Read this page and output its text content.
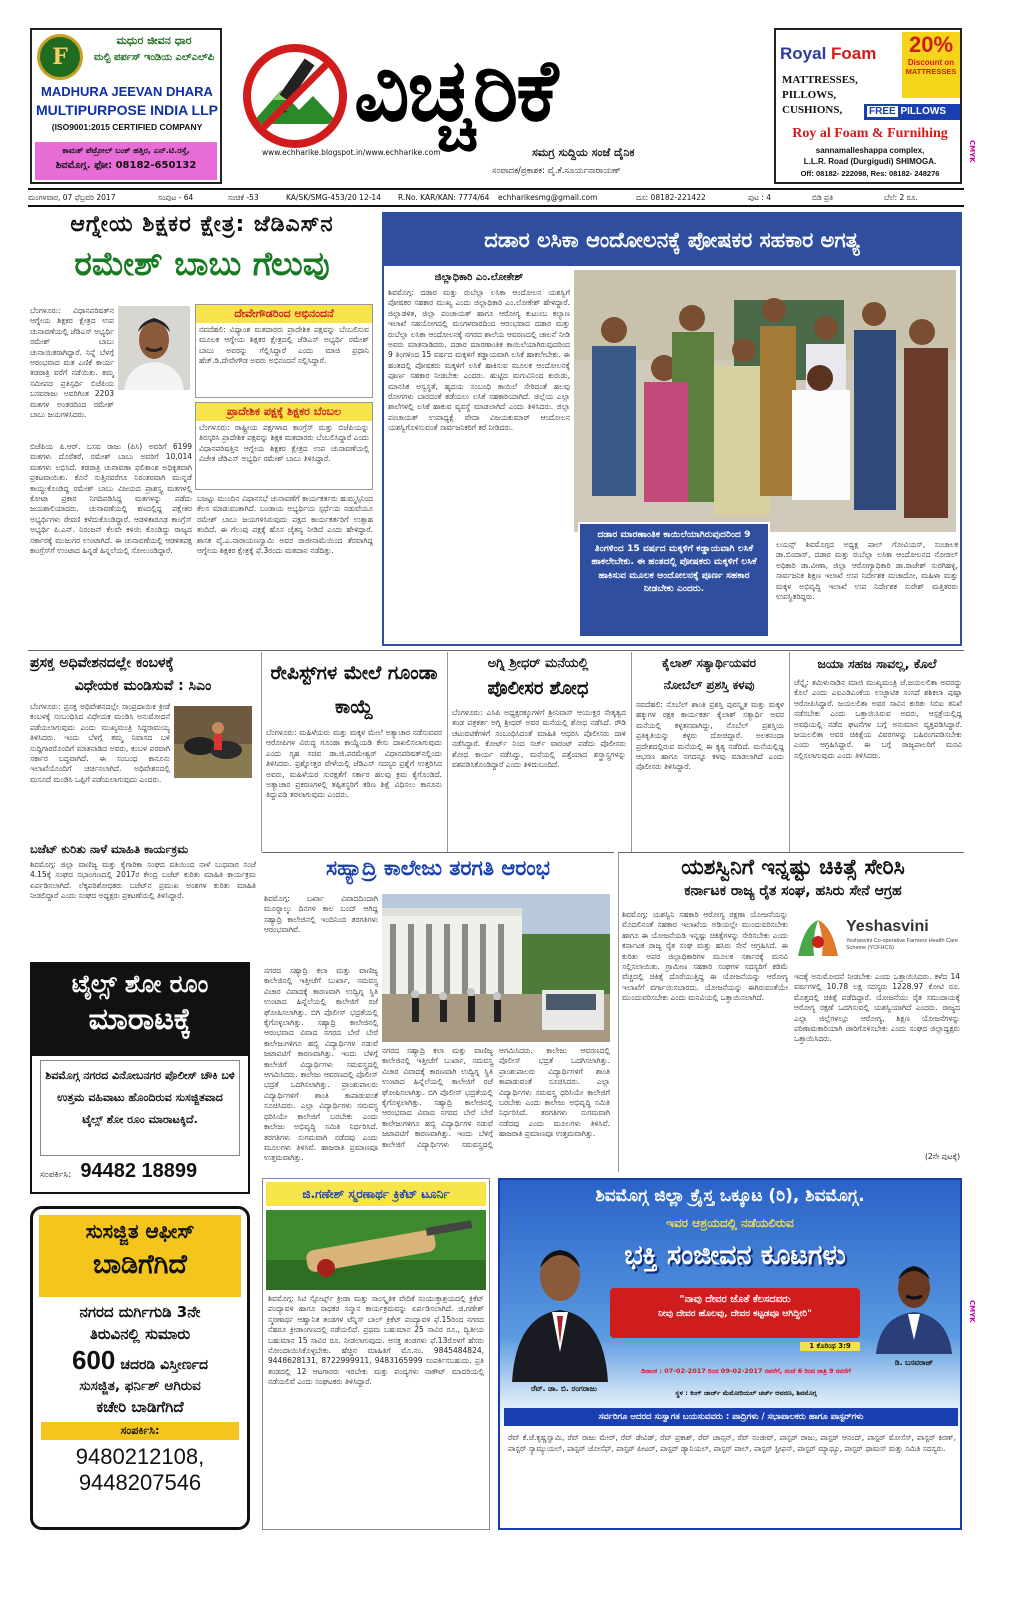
F
ಮಧುರ ಜೀವನ ಧಾರ
ಮಲ್ಟಿ ಪರ್ಪಸ್ ಇಂಡಿಯ ಎಲ್‌ಎಲ್‌ಪಿ
MADHURA JEEVAN DHARA
MULTIPURPOSE INDIA LLP
(ISO9001:2015 CERTIFIED COMPANY
ಕಾಮತ್ ಪೆಟ್ರೋಲ್ ಬಂಕ್ ಹತ್ತಿರ, ಎನ್.ಟಿ.ರಸ್ತೆ,
ಶಿವಮೊಗ್ಗ. ಫೋ: 08182-650132
ವಿಚ್ಚರಿಕೆ
www.echharike.blogspot.in/www.echharike.com	ಸಮಗ್ರ ಸುದ್ದಿಯ ಸಂಜೆ ದೈನಿಕ
ಸಂಪಾದಕ/ಪ್ರಕಾಶಕ: ವೈ.ಕೆ.ಸೂರ್ಯನಾರಾಯಣ್
Royal Foam	20%
Discount on
MATTRESSES
MATTRESSES,
PILLOWS,
CUSHIONS,	FREE PILLOWS
Roy al Foam & Furnihing
sannamalleshappa complex,
L.L.R. Road (Durgigudi) SHIMOGA.
Off: 08182- 222098, Res: 08182- 248276
CMYK
ಮಂಗಳವಾರ, 07 ಫೆಬ್ರವರಿ 2017	ಸಂಪುಟ - 64	ಸಂಚಿಕೆ -53	KA/SK/SMG-453/20 12-14 R.No. KAR/KAN: 7774/64 echharikesmg@gmail.com	ದೂ: 08182-221422	ಪುಟ : 4	ಬಿಡಿ ಪ್ರತಿ	ಬೆಲೆ: 2 ರೂ.
ಆಗ್ನೇಯ ಶಿಕ್ಷಕರ ಕ್ಷೇತ್ರ: ಜೆಡಿಎಸ್‌ನ
ರಮೇಶ್ ಬಾಬು ಗೆಲುವು
ಬೆಂಗಳೂರು: ವಿಧಾನಪರಿಷತ್‌ನ ಆಗ್ನೇಯ ಶಿಕ್ಷಕರ ಕ್ಷೇತ್ರದ ಉಪ ಚುನಾವಣೆಯಲ್ಲಿ ಜೆಡಿಎಸ್ ಅಭ್ಯರ್ಥಿ ರಮೇಶ್ ಬಾಬು ಚುನಾಯಿತರಾಗಿದ್ದಾರೆ. ನಿನ್ನೆ ಬೆಳಗ್ಗೆ ಆರಂಭವಾದ ಮತ ಎಣಿಕೆ ಕಾರ್ಯ ತಡರಾತ್ರಿ ವರೆಗೆ ನಡೆಯಿತು. ತಮ್ಮ ಸಮೀಪದ ಪ್ರತಿಸ್ಪರ್ಧಿ ಬಿಜೆಪಿಯ ಬಸವರಾಜು ಅವರಿಗಿಂತ 2203 ಮತಗಳ ಅಂತರದಿಂದ ರಮೇಶ್ ಬಾಬು ಜಯಗಳಿಸಿದರು.
ದೇವೇಗೌಡರಿಂದ ಅಭಿನಂದನೆ
ನವದೆಹಲಿ: ವಿಧ್ಯಾಂಶ ಮತದಾರರು ಪ್ರಾದೇಶಿಕ ಪಕ್ಷವನ್ನು ಬೆಂಬಲಿಸುವ ಮೂಲಕ ಆಗ್ನೇಯ ಶಿಕ್ಷಕರ ಕ್ಷೇತ್ರದಲ್ಲಿ ಜೆಡಿಎಸ್ ಅಭ್ಯರ್ಥಿ ರಮೇಶ್ ಬಾಬು ಅವರನ್ನು ಗೆಲ್ಲಿಸಿದ್ದಾರೆ ಎಂದು ಮಾಜಿ ಪ್ರಧಾನಿ ಹೆಚ್.ಡಿ.ದೇವೇಗೌಡ ಅವರು ಅಭಿನಂದನೆ ಸಲ್ಲಿಸಿದ್ದಾರೆ.
ಪ್ರಾದೇಶಿಕ ಪಕ್ಷಕ್ಕೆ ಶಿಕ್ಷಕರ ಬೆಂಬಲ
ಬೆಂಗಳೂರು: ರಾಷ್ಟ್ರೀಯ ಪಕ್ಷಗಳಾದ ಕಾಂಗ್ರೆಸ್ ಮತ್ತು ಬಿಜೆಪಿಯನ್ನು ತಿರಸ್ಕರಿಸಿ ಪ್ರಾದೇಶಿಕ ಪಕ್ಷವನ್ನು ಶಿಕ್ಷಕ ಮತದಾರರು ಬೆಂಬಲಿಸಿದ್ದಾರೆ ಎಂದು ವಿಧಾನಪರಿಷತ್ತಿನ ಆಗ್ನೇಯ ಶಿಕ್ಷಕರ ಕ್ಷೇತ್ರದ ಉಪ ಚುನಾವಣೆಯಲ್ಲಿ ವಿಜೇತ ಜೆಡಿಎಸ್ ಅಭ್ಯರ್ಥಿ ರಮೇಶ್ ಬಾಬು ತಿಳಿಸಿದ್ದಾರೆ.
ಬಿಜೆಪಿಯ ಪಿ.ಆರ್. ಬಸವ ರಾಜು (ಪಿಸಿ) ಅವರಿಗೆ 6199 ಮತಗಳು ದೊರೆತರೆ, ರಮೇಶ್ ಬಾಬು ಅವರಿಗೆ 10,014 ಮತಗಳು ಲಭಿಸಿದೆ. ತಡರಾತ್ರಿ ಚುನಾವಣಾ ಫಲಿತಾಂಶ ಅಧಿಕೃತವಾಗಿ ಪ್ರಕಟವಾಯಿತು. ಕೊನೆ ಸುತ್ತಿನವರೆಗೂ ನಿರಂತರವಾಗಿ ಮುನ್ನಡೆ ಕಾಯ್ದುಕೊಂಡಿದ್ದ ರಮೇಶ್ ಬಾಬು ವಿಜಯದ ಪ್ರಾಶಸ್ತ್ಯ ಮತಗಳಲ್ಲಿ ಕೋಟಾ ಪ್ರಕಾರ ನಿಗದಿಪಡಿಸಿದ್ದ ಮತಗಳನ್ನು ಪಡೆದು ಜಯಶಾಲಿಯಾದರು. ಚುನಾವಣೆಯಲ್ಲಿ ಕಣದಲ್ಲಿದ್ದ ಪಕ್ಷೇತರ ಅಭ್ಯರ್ಥಿಗಳು ಠೇವಣಿ ಕಳೆದುಕೊಂಡಿದ್ದಾರೆ. ಆಡಳಿತಾರೂಢ ಕಾಂಗ್ರೆಸ್ ಅಭ್ಯರ್ಥಿ ಪಿ.ಎನ್. ನಿರಂಜನ್ ಕೆಲವೇ ಕಳಿಯಿ ಕೊಂಡಿದ್ದು ರಾಜ್ಯದ ಸರ್ಕಾರಕ್ಕೆ ಮುಜುಗರ ಉಂಟಾಗಿದೆ. ಈ ಚುನಾವಣೆಯಲ್ಲಿ ಆಡಳಿತಪಕ್ಷ ಕಾಂಗ್ರೆಸ್‌ಗೆ ಉಂಟಾದ ಹಿನ್ನಡೆ ಹಿನ್ನಲೆಯಲ್ಲಿ ಸೋಲುಂಡಿದ್ದಾರೆ.
ಬಜಟ್ಟು ಮುಂದಿನ ವಿಧಾನಸಭೆ ಚುನಾವಣೆಗೆ ಕಾರ್ಯಕರ್ತರು ಹುಮ್ಮಸ್ಸಿನಿಂದ ಕೆಲಸ ಮಾಡುವಂತಾಗಿದೆ. ಬಂಡಾಯ ಅಭ್ಯರ್ಥಿಯ ಸ್ಪರ್ಧೆಯ ನಡುವೆಯೂ ರಮೇಶ್ ಬಾಬು ಜಯಗಳಿಸಿರುವುದು ಪಕ್ಷದ ಕಾರ್ಯಕರ್ತರಿಗೆ ಉತ್ಸಾಹ ತಂದಿದೆ. ಈ ಗೆಲುವು ಪಕ್ಷಕ್ಕೆ ಹೊಸ ಚೈತನ್ಯ ನೀಡಿದೆ ಎಂದು ಹೇಳಿದ್ದಾರೆ. ಶಾಸಕ ವೈ.ಎ.ನಾರಾಯಣಸ್ವಾಮಿ ಅವರ ರಾಜೀನಾಮೆಯಿಂದ ತೆರವಾಗಿದ್ದ ಆಗ್ನೇಯ ಶಿಕ್ಷಕರ ಕ್ಷೇತ್ರಕ್ಕೆ ಫೆ.3ರಂದು ಮತದಾನ ನಡೆದಿತ್ತು.
ದಡಾರ ಲಸಿಕಾ ಆಂದೋಲನಕ್ಕೆ ಪೋಷಕರ ಸಹಕಾರ ಅಗತ್ಯ
ಜಿಲ್ಲಾಧಿಕಾರಿ ಎಂ.ಲೋಕೇಶ್
ಶಿವಮೊಗ್ಗ: ದಡಾರ ಮತ್ತು ರುಬೆಲ್ಲಾ ಲಸಿಕಾ ಆಂದೋಲನ ಯಶಸ್ವಿಗೆ ಪೋಷಕರ ಸಹಕಾರ ಮುಖ್ಯ ಎಂದು ಜಿಲ್ಲಾಧಿಕಾರಿ ಎಂ.ಲೋಕೇಶ್ ಹೇಳಿದ್ದಾರೆ. ಜಿಲ್ಲಾಡಳಿತ, ಜಿಲ್ಲಾ ಪಂಚಾಯತ್ ಹಾಗೂ ಆರೋಗ್ಯ ಕುಟುಂಬ ಕಲ್ಯಾಣ ಇಲಾಖೆ ಸಹಯೋಗದಲ್ಲಿ ಮಂಗಳವಾರದಿಂದ ಆರಂಭವಾದ ದಡಾರ ಮತ್ತು ರುಬೆಲ್ಲಾ ಲಸಿಕಾ ಆಂದೋಲನಕ್ಕೆ ನಗರದ ಶಾಲೆಯ ಆವರಣದಲ್ಲಿ ಚಾಲನೆ ನೀಡಿ ಅವರು ಮಾತನಾಡಿದರು. ದಡಾರ ಮಾರಣಾಂತಿಕ ಕಾಯಿಲೆಯಾಗಿರುವುದರಿಂದ 9 ತಿಂಗಳಿಂದ 15 ವರ್ಷದ ಮಕ್ಕಳಿಗೆ ಕಡ್ಡಾಯವಾಗಿ ಲಸಿಕೆ ಹಾಕಲೇಬೇಕು. ಈ ಹಂತದಲ್ಲಿ ಪೋಷಕರು ಮಕ್ಕಳಿಗೆ ಲಸಿಕೆ ಹಾಕಿಸುವ ಮೂಲಕ ಆಂದೋಲನಕ್ಕೆ ಪೂರ್ಣ ಸಹಕಾರ ನೀಡಬೇಕು ಎಂದರು. ಹುಟ್ಟಿದ ಮಗುವಿನಿಂದ ಕುರುಡು, ಮಾನಸಿಕ ಅಸ್ವಸ್ಥತೆ, ಹೃದಯ ಸಂಬಂಧಿ ಕಾಯಿಲೆ ಸೇರಿದಂತೆ ಹಲವು ರೋಗಗಳು ಬಾರದಂತೆ ತಡೆಯಲು ಲಸಿಕೆ ಸಹಕಾರಿಯಾಗಿದೆ. ಜಿಲ್ಲೆಯ ಎಲ್ಲಾ ಶಾಲೆಗಳಲ್ಲಿ ಲಸಿಕೆ ಹಾಕುವ ವ್ಯವಸ್ಥೆ ಮಾಡಲಾಗಿದೆ ಎಂದು ತಿಳಿಸಿದರು. ಜಿಲ್ಲಾ ಪಂಚಾಯತ್ ಉಪಾಧ್ಯಕ್ಷೆ ವೇದಾ ವಿಜಯಕುಮಾರ್ ಆಂದೋಲನ ಯಶಸ್ವಿಗೊಳಿಸುವಂತೆ ಸಾರ್ವಜನಿಕರಿಗೆ ಕರೆ ನೀಡಿದರು.
ದಡಾರ ಮಾರಣಾಂತಿಕ ಕಾಯಿಲೆಯಾಗಿರುವುದರಿಂದ 9 ತಿಂಗಳಿಂದ 15 ವರ್ಷದ ಮಕ್ಕಳಿಗೆ ಕಡ್ಡಾಯವಾಗಿ ಲಸಿಕೆ ಹಾಕಲೇಬೇಕು. ಈ ಹಂತದಲ್ಲಿ ಪೋಷಕರು ಮಕ್ಕಳಿಗೆ ಲಸಿಕೆ ಹಾಕಿಸುವ ಮೂಲಕ ಆಂದೋಲನಕ್ಕೆ ಪೂರ್ಣ ಸಹಕಾರ ನೀಡಬೇಕು ಎಂದರು.
ಲಯನ್ಸ್ ಶಿವಮೊಗ್ಗದ ಅಧ್ಯಕ್ಷ ಪಾಲ್ ಗೋವಿಯಸ್, ಸಂಚಾಲಕ ಡಾ.ಬಿಂದಾಸ್, ದಡಾರ ಮತ್ತು ರುಬೆಲ್ಲಾ ಲಸಿಕಾ ಆಂದೋಲನದ ನೋಡಲ್ ಅಧಿಕಾರಿ ಡಾ.ವೀಣಾ, ಜಿಲ್ಲಾ ಆರೋಗ್ಯಾಧಿಕಾರಿ ಡಾ.ರಾಜೇಶ್ ಸುರಗಿಹಳ್ಳಿ, ಸಾರ್ವಜನಿಕ ಶಿಕ್ಷಣ ಇಲಾಖೆ ಉಪ ನಿರ್ದೇಶಕ ಮಚಾದೋ, ಮಹಿಳಾ ಮತ್ತು ಮಕ್ಕಳ ಅಭಿವೃದ್ಧಿ ಇಲಾಖೆ ಉಪ ನಿರ್ದೇಶಕ ಸುರೇಶ್ ಮತ್ತಿತರರು ಉಪಸ್ಥಿತರಿದ್ದರು.
ಪ್ರಸಕ್ತ ಅಧಿವೇಶನದಲ್ಲೇ ಕಂಬಳಕ್ಕೆ
ವಿಧೇಯಕ ಮಂಡಿಸುವೆ : ಸಿಎಂ
ಬೆಂಗಳೂರು: ಪ್ರಸಕ್ತ ಅಧಿವೇಶನದಲ್ಲೇ ಸಾಂಪ್ರದಾಯಿಕ ಕ್ರೀಡೆ ಕಂಬಳಕ್ಕೆ ಸಂಬಂಧಿಸಿದ ವಿಧೇಯಕ ಮಂಡಿಸಿ ಅನುಮೋದನೆ ಪಡೆಯಲಾಗುವುದು ಎಂದು ಮುಖ್ಯಮಂತ್ರಿ ಸಿದ್ದರಾಮಯ್ಯ ತಿಳಿಸಿದರು. ಇಂದು ಬೆಳಗ್ಗೆ ತಮ್ಮ ನಿವಾಸದ ಬಳಿ ಸುದ್ದಿಗಾರರೊಂದಿಗೆ ಮಾತನಾಡಿದ ಅವರು, ಕಂಬಳ ಪರವಾಗಿ ಸರ್ಕಾರ ಬದ್ಧವಾಗಿದೆ. ಈ ಸಂಬಂಧ ಕಾನೂನು ಇಲಾಖೆಯೊಂದಿಗೆ ಚರ್ಚಿಸಲಾಗಿದೆ. ಅಧಿವೇಶನದಲ್ಲಿ ಮಸೂದೆ ಮಂಡಿಸಿ ಒಪ್ಪಿಗೆ ಪಡೆಯಲಾಗುವುದು ಎಂದರು.
ಬಜೆಟ್ ಕುರಿತು ನಾಳೆ ಮಾಹಿತಿ ಕಾರ್ಯಕ್ರಮ
ಶಿವಮೊಗ್ಗ: ಜಿಲ್ಲಾ ವಾಣಿಜ್ಯ ಮತ್ತು ಕೈಗಾರಿಕಾ ಸಂಘದ ವತಿಯಿಂದ ನಾಳೆ ಬುಧವಾರ ಸಂಜೆ 4.15ಕ್ಕೆ ಸಂಘದ ಸಭಾಂಗಣದಲ್ಲಿ 2017ರ ಕೇಂದ್ರ ಬಜೆಟ್ ಕುರಿತು ಮಾಹಿತಿ ಕಾರ್ಯಕ್ರಮ ಏರ್ಪಡಿಸಲಾಗಿದೆ. ಲೆಕ್ಕಪರಿಶೋಧಕರು ಬಜೆಟ್‌ನ ಪ್ರಮುಖ ಅಂಶಗಳ ಕುರಿತು ಮಾಹಿತಿ ನೀಡಲಿದ್ದಾರೆ ಎಂದು ಸಂಘದ ಅಧ್ಯಕ್ಷರು ಪ್ರಕಟಣೆಯಲ್ಲಿ ತಿಳಿಸಿದ್ದಾರೆ.
ರೇಪಿಸ್ಟ್‌ಗಳ ಮೇಲೆ ಗೂಂಡಾ ಕಾಯ್ದೆ
ಬೆಂಗಳೂರು: ಮಹಿಳೆಯರು ಮತ್ತು ಮಕ್ಕಳ ಮೇಲೆ ಅತ್ಯಾಚಾರ ನಡೆಸುವವರ ಆರೋಪಿಗಳ ವಿರುದ್ಧ ಗೂಂಡಾ ಕಾಯ್ದೆಯಡಿ ಕೇಸು ದಾಖಲಿಸಲಾಗುವುದು ಎಂದು ಗೃಹ ಸಚಿವ ಡಾ.ಜಿ.ಪರಮೇಶ್ವರ್ ವಿಧಾನಪರಿಷತ್‌ನಲ್ಲಿಂದು ತಿಳಿಸಿದರು. ಪ್ರಶ್ನೋತ್ತರ ವೇಳೆಯಲ್ಲಿ ಜೆಡಿಎಸ್ ಸದಸ್ಯರ ಪ್ರಶ್ನೆಗೆ ಉತ್ತರಿಸಿದ ಅವರು, ಮಹಿಳೆಯರ ಸುರಕ್ಷತೆಗೆ ಸರ್ಕಾರ ಹಲವು ಕ್ರಮ ಕೈಗೊಂಡಿದೆ. ಅತ್ಯಾಚಾರ ಪ್ರಕರಣಗಳಲ್ಲಿ ತಪ್ಪಿತಸ್ಥರಿಗೆ ಕಠಿಣ ಶಿಕ್ಷೆ ವಿಧಿಸಲು ಕಾನೂನು ತಿದ್ದುಪಡಿ ತರಲಾಗುವುದು ಎಂದರು.
ಅಗ್ನಿ ಶ್ರೀಧರ್ ಮನೆಯಲ್ಲಿ
ಪೊಲೀಸರ ಶೋಧ
ಬೆಂಗಳೂರು: ಎಸಿಪಿ ಅಧ್ಯಕ್ಷರಕ್ಕೂಗಳಿಗೆ ಶ್ರೀನಿವಾಸ್ ಆಯುಕ್ತರ ನೇತೃತ್ವದ ತಂಡ ಪತ್ರಕರ್ತ ಅಗ್ನಿ ಶ್ರೀಧರ್ ಅವರ ಮನೆಯಲ್ಲಿ ಶೋಧ ನಡೆಸಿದೆ. ರೌಡಿ ಚಟುವಟಿಕೆಗಳಿಗೆ ಸಂಬಂಧಿಸಿದಂತೆ ಮಾಹಿತಿ ಆಧರಿಸಿ ಪೊಲೀಸರು ದಾಳಿ ನಡೆಸಿದ್ದಾರೆ. ಕೋರ್ಟ್ ನಿಂದ ಸರ್ಚ್ ವಾರಂಟ್ ಪಡೆದು ಪೊಲೀಸರು ಶೋಧ ಕಾರ್ಯ ನಡೆಸಿದ್ದು, ಮನೆಯಲ್ಲಿ ಪತ್ತೆಯಾದ ಶಸ್ತ್ರಾಸ್ತ್ರಗಳನ್ನು ವಶಪಡಿಸಿಕೊಂಡಿದ್ದಾರೆ ಎಂದು ತಿಳಿದುಬಂದಿದೆ.
ಕೈಲಾಶ್ ಸತ್ಯಾರ್ಥಿಯವರ
ನೋಬೆಲ್ ಪ್ರಶಸ್ತಿ ಕಳವು
ನವದೆಹಲಿ: ನೊಬೆಲ್ ಶಾಂತಿ ಪ್ರಶಸ್ತಿ ಪುರಸ್ಕೃತ ಮತ್ತು ಮಕ್ಕಳ ಹಕ್ಕುಗಳ ರಕ್ಷಕ ಕಾರ್ಯಕರ್ತ ಕೈಲಾಶ್ ಸತ್ಯಾರ್ಥಿ ಅವರ ಮನೆಯಲ್ಲಿ ಕಳ್ಳತನವಾಗಿದ್ದು, ನೊಬೆಲ್ ಪ್ರಶಸ್ತಿಯ ಪ್ರತಿಕೃತಿಯನ್ನು ಕಳ್ಳರು ದೋಚಿದ್ದಾರೆ. ಅಲಕನಂದಾ ಪ್ರದೇಶದಲ್ಲಿರುವ ಮನೆಯಲ್ಲಿ ಈ ಕೃತ್ಯ ನಡೆದಿದೆ. ಮನೆಯಲ್ಲಿದ್ದ ಆಭರಣ ಹಾಗೂ ನಗದನ್ನೂ ಕಳವು ಮಾಡಲಾಗಿದೆ ಎಂದು ಪೊಲೀಸರು ತಿಳಿಸಿದ್ದಾರೆ.
ಜಯಾ ಸಹಜ ಸಾವಲ್ಲ, ಕೊಲೆ
ಚೆನ್ನೈ: ತಮಿಳುನಾಡಿನ ಮಾಜಿ ಮುಖ್ಯಮಂತ್ರಿ ಜೆ.ಜಯಲಲಿತಾ ಅವರದ್ದು ಕೊಲೆ ಎಂದು ಎಐಎಡಿಎಂಕೆಯ ಉಚ್ಛಾಟಿತ ಸಂಸದೆ ಶಶಿಕಲಾ ಪುಷ್ಪಾ ಆರೋಪಿಸಿದ್ದಾರೆ. ಜಯಲಲಿತಾ ಅವರ ಸಾವಿನ ಕುರಿತು ಸಿಬಿಐ ತನಿಖೆ ನಡೆಸಬೇಕು ಎಂದು ಒತ್ತಾಯಿಸಿರುವ ಅವರು, ಆಸ್ಪತ್ರೆಯಲ್ಲಿದ್ದ ಅವಧಿಯಲ್ಲಿ ನಡೆದ ಘಟನೆಗಳ ಬಗ್ಗೆ ಅನುಮಾನ ವ್ಯಕ್ತಪಡಿಸಿದ್ದಾರೆ. ಜಯಲಲಿತಾ ಅವರ ಚಿಕಿತ್ಸೆಯ ವಿವರಗಳನ್ನು ಬಹಿರಂಗಪಡಿಸಬೇಕು ಎಂದು ಆಗ್ರಹಿಸಿದ್ದಾರೆ. ಈ ಬಗ್ಗೆ ರಾಜ್ಯಪಾಲರಿಗೆ ಮನವಿ ಸಲ್ಲಿಸಲಾಗುವುದು ಎಂದು ತಿಳಿಸಿದರು.
ಟೈಲ್ಸ್ ಶೋ ರೂಂ
ಮಾರಾಟಕ್ಕೆ
ಶಿವಮೊಗ್ಗ ನಗರದ ವಿನೋಬನಗರ ಪೊಲೀಸ್ ಚೌಕಿ ಬಳಿ ಉತ್ತಮ ವಹಿವಾಟು ಹೊಂದಿರುವ ಸುಸಜ್ಜಿತವಾದ ಟೈಲ್ಸ್ ಶೋ ರೂಂ ಮಾರಾಟಕ್ಕಿದೆ.
ಸಂಪರ್ಕಿಸಿ: 94482 18899
ಸುಸಜ್ಜಿತ ಆಫೀಸ್
ಬಾಡಿಗೆಗಿದೆ
ನಗರದ ದುರ್ಗಿಗುಡಿ 3ನೇ
ತಿರುವಿನಲ್ಲಿ ಸುಮಾರು
600 ಚದರಡಿ ವಿಸ್ತೀರ್ಣದ
ಸುಸಜ್ಜಿತ, ಫರ್ನಿಶ್ ಆಗಿರುವ
ಕಚೇರಿ ಬಾಡಿಗೆಗಿದೆ
ಸಂಪರ್ಕಿಸಿ:
9480212108,
9448207546
ಸಹ್ಯಾದ್ರಿ ಕಾಲೇಜು ತರಗತಿ ಆರಂಭ
ಶಿವಮೊಗ್ಗ: ಬರ್ಖಾ ವಿವಾದದಿಂದಾಗಿ ಮೂರ್‍ನಾಲ್ಕು ದಿನಗಳ ಕಾಲ ಬಂದ್ ಆಗಿದ್ದ ಸಹ್ಯಾದ್ರಿ ಕಾಲೇಜಿನಲ್ಲಿ ಇಂದಿನಿಂದ ತರಗತಿಗಳು ಆರಂಭವಾಗಿವೆ.
ನಗರದ ಸಹ್ಯಾದ್ರಿ ಕಲಾ ಮತ್ತು ವಾಣಿಜ್ಯ ಕಾಲೇಜಿನಲ್ಲಿ ಇತ್ತೀಚೆಗೆ ಬುರ್ಖಾ, ಸಮವಸ್ತ್ರ ವಿಚಾರ ವಿವಾದಕ್ಕೆ ಕಾರಣವಾಗಿ ಉದ್ವಿಗ್ನ ಸ್ಥಿತಿ ಉಂಟಾದ ಹಿನ್ನೆಲೆಯಲ್ಲಿ ಕಾಲೇಜಿಗೆ ರಜೆ ಘೋಷಿಸಲಾಗಿತ್ತು. ಬಿಗಿ ಪೊಲೀಸ್ ಭದ್ರತೆಯಲ್ಲಿ ಕೈಗೊಳ್ಳಲಾಗಿತ್ತು. ಸಹ್ಯಾದ್ರಿ ಕಾಲೇಜಿನಲ್ಲಿ ಆರಂಭವಾದ ವಿವಾದ ನಗರದ ಬೇರೆ ಬೇರೆ ಕಾಲೇಜುಗಳಿಗೂ ಹಬ್ಬಿ ವಿದ್ಯಾರ್ಥಿಗಳ ನಡುವೆ ಜಟಾಪಟಿಗೆ ಕಾರಣವಾಗಿತ್ತು. ಇಂದು ಬೆಳಿಗ್ಗೆ ಕಾಲೇಜಿಗೆ ವಿದ್ಯಾರ್ಥಿಗಳು ಸಮವಸ್ತ್ರದಲ್ಲಿ ಆಗಮಿಸಿದರು. ಕಾಲೇಜು ಆವರಣದಲ್ಲಿ ಪೊಲೀಸ್ ಭದ್ರತೆ ಒದಗಿಸಲಾಗಿತ್ತು. ಪ್ರಾಂಶುಪಾಲರು ವಿದ್ಯಾರ್ಥಿಗಳಿಗೆ ಶಾಂತಿ ಕಾಪಾಡುವಂತೆ ಸೂಚಿಸಿದರು. ಎಲ್ಲಾ ವಿದ್ಯಾರ್ಥಿಗಳು ಸಮವಸ್ತ್ರ ಧರಿಸಿಯೇ ಕಾಲೇಜಿಗೆ ಬರಬೇಕು ಎಂದು ಕಾಲೇಜು ಅಭಿವೃದ್ಧಿ ಸಮಿತಿ ನಿರ್ಧರಿಸಿದೆ. ತರಗತಿಗಳು ಸುಗಮವಾಗಿ ನಡೆದವು ಎಂದು ಮೂಲಗಳು ತಿಳಿಸಿವೆ. ಹಾಜರಾತಿ ಪ್ರಮಾಣವೂ ಉತ್ತಮವಾಗಿತ್ತು.
ನಗರದ ಸಹ್ಯಾದ್ರಿ ಕಲಾ ಮತ್ತು ವಾಣಿಜ್ಯ ಕಾಲೇಜಿನಲ್ಲಿ ಇತ್ತೀಚೆಗೆ ಬುರ್ಖಾ, ಸಮವಸ್ತ್ರ ವಿಚಾರ ವಿವಾದಕ್ಕೆ ಕಾರಣವಾಗಿ ಉದ್ವಿಗ್ನ ಸ್ಥಿತಿ ಉಂಟಾದ ಹಿನ್ನೆಲೆಯಲ್ಲಿ ಕಾಲೇಜಿಗೆ ರಜೆ ಘೋಷಿಸಲಾಗಿತ್ತು. ಬಿಗಿ ಪೊಲೀಸ್ ಭದ್ರತೆಯಲ್ಲಿ ಕೈಗೊಳ್ಳಲಾಗಿತ್ತು. ಸಹ್ಯಾದ್ರಿ ಕಾಲೇಜಿನಲ್ಲಿ ಆರಂಭವಾದ ವಿವಾದ ನಗರದ ಬೇರೆ ಬೇರೆ ಕಾಲೇಜುಗಳಿಗೂ ಹಬ್ಬಿ ವಿದ್ಯಾರ್ಥಿಗಳ ನಡುವೆ ಜಟಾಪಟಿಗೆ ಕಾರಣವಾಗಿತ್ತು. ಇಂದು ಬೆಳಿಗ್ಗೆ ಕಾಲೇಜಿಗೆ ವಿದ್ಯಾರ್ಥಿಗಳು ಸಮವಸ್ತ್ರದಲ್ಲಿ ಆಗಮಿಸಿದರು. ಕಾಲೇಜು ಆವರಣದಲ್ಲಿ ಪೊಲೀಸ್ ಭದ್ರತೆ ಒದಗಿಸಲಾಗಿತ್ತು. ಪ್ರಾಂಶುಪಾಲರು ವಿದ್ಯಾರ್ಥಿಗಳಿಗೆ ಶಾಂತಿ ಕಾಪಾಡುವಂತೆ ಸೂಚಿಸಿದರು. ಎಲ್ಲಾ ವಿದ್ಯಾರ್ಥಿಗಳು ಸಮವಸ್ತ್ರ ಧರಿಸಿಯೇ ಕಾಲೇಜಿಗೆ ಬರಬೇಕು ಎಂದು ಕಾಲೇಜು ಅಭಿವೃದ್ಧಿ ಸಮಿತಿ ನಿರ್ಧರಿಸಿದೆ. ತರಗತಿಗಳು ಸುಗಮವಾಗಿ ನಡೆದವು ಎಂದು ಮೂಲಗಳು ತಿಳಿಸಿವೆ. ಹಾಜರಾತಿ ಪ್ರಮಾಣವೂ ಉತ್ತಮವಾಗಿತ್ತು.
ಯಶಸ್ವಿನಿಗೆ ಇನ್ನಷ್ಟು ಚಿಕಿತ್ಸೆ ಸೇರಿಸಿ
ಕರ್ನಾಟಕ ರಾಜ್ಯ ರೈತ ಸಂಘ, ಹಸಿರು ಸೇನೆ ಆಗ್ರಹ
ಶಿವಮೊಗ್ಗ: ಯಶಸ್ವಿನಿ ಸಹಕಾರಿ ಆರೋಗ್ಯ ರಕ್ಷಣಾ ಯೋಜನೆಯನ್ನು ಮೊದಲಿನಂತೆ ಸಹಕಾರ ಇಲಾಖೆಯ ಅಡಿಯಲ್ಲೇ ಮುಂದುವರಿಸಬೇಕು ಹಾಗೂ ಈ ಯೋಜನೆಯಡಿ ಇನ್ನಷ್ಟು ಚಿಕಿತ್ಸೆಗಳನ್ನು ಸೇರಿಸಬೇಕು ಎಂದು ಕರ್ನಾಟಕ ರಾಜ್ಯ ರೈತ ಸಂಘ ಮತ್ತು ಹಸಿರು ಸೇನೆ ಆಗ್ರಹಿಸಿದೆ. ಈ ಕುರಿತು ಅಪರ ಜಿಲ್ಲಾಧಿಕಾರಿಗಳ ಮೂಲಕ ಸರ್ಕಾರಕ್ಕೆ ಮನವಿ ಸಲ್ಲಿಸಲಾಯಿತು. ಗ್ರಾಮೀಣ ಸಹಕಾರಿ ಸಂಘಗಳ ಸದಸ್ಯರಿಗೆ ಕಡಿಮೆ ವೆಚ್ಚದಲ್ಲಿ ಚಿಕಿತ್ಸೆ ದೊರೆಯುತ್ತಿದ್ದ ಈ ಯೋಜನೆಯನ್ನು ಆರೋಗ್ಯ ಇಲಾಖೆಗೆ ವರ್ಗಾಯಿಸಬಾರದು. ಯೋಜನೆಯನ್ನು ಈಗಿರುವಂತೆಯೇ ಮುಂದುವರಿಸಬೇಕು ಎಂದು ಮನವಿಯಲ್ಲಿ ಒತ್ತಾಯಿಸಲಾಗಿದೆ.
Yeshasvini
Yeshasvini Co-operative Farmers Health Care Scheme (YCFHCS)
ಇದಕ್ಕೆ ಅನುಮೋದನೆ ನೀಡಬೇಕು ಎಂದು ಒತ್ತಾಯಿಸಿದರು. ಕಳೆದ 14 ವರ್ಷಗಳಲ್ಲಿ 10.78 ಲಕ್ಷ ಸದಸ್ಯರು 1228.97 ಕೋಟಿ ರೂ. ಮೊತ್ತದಲ್ಲಿ ಚಿಕಿತ್ಸೆ ಪಡೆದಿದ್ದಾರೆ. ಯೋಜನೆಯು ರೈತ ಸಮುದಾಯಕ್ಕೆ ಆರೋಗ್ಯ ರಕ್ಷಣೆ ಒದಗಿಸುವಲ್ಲಿ ಯಶಸ್ವಿಯಾಗಿದೆ ಎಂದರು. ರಾಜ್ಯದ ಎಲ್ಲಾ ಜಿಲ್ಲೆಗಳಲ್ಲೂ ಆರೋಗ್ಯ, ಶಿಕ್ಷಣ ಯೋಜನೆಗಳನ್ನು ಪರಿಣಾಮಕಾರಿಯಾಗಿ ಜಾರಿಗೊಳಿಸಬೇಕು ಎಂದು ಸಂಘದ ಜಿಲ್ಲಾಧ್ಯಕ್ಷರು ಒತ್ತಾಯಿಸಿದರು.
(2ನೇ ಪುಟಕ್ಕೆ)
ಜಿ.ಗಣೇಶ್ ಸ್ಮರಣಾರ್ಥ ಕ್ರಿಕೆಟ್ ಟೂರ್ನಿ
ಶಿವಮೊಗ್ಗ: ಸಿಟಿ ಸ್ಪೋರ್ಟ್ಸ್ ಕ್ರೀಡಾ ಮತ್ತು ಸಾಂಸ್ಕೃತಿಕ ವೇದಿಕೆ ಸಂಯುಕ್ತಾಶ್ರಯದಲ್ಲಿ ಕ್ರಿಕೆಟ್ ಪಂದ್ಯಾವಳಿ ಹಾಗೂ ಸಾಧಕರ ಸನ್ಮಾನ ಕಾರ್ಯಕ್ರಮವನ್ನು ಏರ್ಪಡಿಸಲಾಗಿದೆ. ಜಿ.ಗಣೇಶ್ ಸ್ಮರಣಾರ್ಥ ಆಹ್ವಾನಿತ ತಂಡಗಳ ಟೆನ್ನಿಸ್ ಬಾಲ್ ಕ್ರಿಕೆಟ್ ಪಂದ್ಯಾವಳಿ ಫೆ.15ರಿಂದ ನಗರದ ನೆಹರೂ ಕ್ರೀಡಾಂಗಣದಲ್ಲಿ ನಡೆಯಲಿದೆ. ಪ್ರಥಮ ಬಹುಮಾನ 25 ಸಾವಿರ ರೂ., ದ್ವಿತೀಯ ಬಹುಮಾನ 15 ಸಾವಿರ ರೂ. ನೀಡಲಾಗುವುದು. ಆಸಕ್ತ ತಂಡಗಳು ಫೆ.13ರೊಳಗೆ ಹೆಸರು ನೋಂದಾಯಿಸಿಕೊಳ್ಳಬೇಕು. ಹೆಚ್ಚಿನ ಮಾಹಿತಿಗೆ ಮೊ.ನಂ. 9845484824, 9448628131, 8722999911, 9483165999 ಸಂಪರ್ಕಿಸಬಹುದು. ಪ್ರತಿ ತಂಡದಲ್ಲಿ 12 ಆಟಗಾರರು ಇರಬೇಕು ಮತ್ತು ಪಂದ್ಯಗಳು ನಾಕೌಟ್ ಮಾದರಿಯಲ್ಲಿ ನಡೆಯಲಿವೆ ಎಂದು ಸಂಘಟಕರು ತಿಳಿಸಿದ್ದಾರೆ.
ಶಿವಮೊಗ್ಗ ಜಿಲ್ಲಾ ಕ್ರೈಸ್ತ ಒಕ್ಕೂಟ (ರಿ), ಶಿವಮೊಗ್ಗ.
ಇವರ ಆಶ್ರಯದಲ್ಲಿ ನಡೆಯಲಿರುವ
ಭಕ್ತಿ ಸಂಜೀವನ ಕೂಟಗಳು
"ನಾವು ದೇವರ ಜೊತೆ ಕೆಲಸದವರು
ನೀವು ದೇವರ ಹೊಲವು, ದೇವರ ಕಟ್ಟಡವೂ ಆಗಿದ್ದೀರಿ"
1 ಕೊರಿಂಥ 3:9
ರೆವ್. ಡಾ. ಬಿ. ರಂಗರಾಜು
ಡಿ. ಬಸವರಾಜ್
ದಿನಾಂಕ : 07-02-2017 ರಿಂದ 09-02-2017 ರವರೆಗೆ, ಸಂಜೆ 6 ರಿಂದ ರಾತ್ರಿ 9 ರವರೆಗೆ
ಸ್ಥಳ : ಕಿಂಗ್ ಜಾರ್ಜ್ ಮೆಮೋರಿಯಲ್ ಚರ್ಚ್ ಆವರಣ, ಶಿವಮೊಗ್ಗ
ಸರ್ವರಿಗೂ ಆದರದ ಸುಸ್ವಾಗತ ಬಯಸುವವರು : ಪಾದ್ರಿಗಳು / ಸಭಾಪಾಲಕರು ಹಾಗೂ ಪಾಸ್ಟರ್‌ಗಳು
ರೆವ್ ಕೆ.ಜೆ.ಕೃಷ್ಣಸ್ವಾಮಿ, ರೆವ್ ರಾಜು ಮೇರ್, ರೆವ್ ಡೇವಿಡ್, ರೆವ್ ಪ್ರಕಾಶ್, ರೆವ್ ಜಾನ್ಸನ್, ರೆವ್ ಸಂಜೀವ್, ಪಾಸ್ಟರ್ ರಾಜು, ಪಾಸ್ಟರ್ ಆನಂದ್, ಪಾಸ್ಟರ್ ಮೋಸೆಸ್, ಪಾಸ್ಟರ್ ಕಿರಣ್, ಪಾಸ್ಟರ್ ಸ್ಯಾಮ್ಯುಯಲ್, ಪಾಸ್ಟರ್ ಜೋಸೆಫ್, ಪಾಸ್ಟರ್ ಪೀಟರ್, ಪಾಸ್ಟರ್ ಡ್ಯಾನಿಯಲ್, ಪಾಸ್ಟರ್ ಪಾಲ್, ಪಾಸ್ಟರ್ ಸ್ಟೀಫನ್, ಪಾಸ್ಟರ್ ಮ್ಯಾಥ್ಯೂ, ಪಾಸ್ಟರ್ ಥಾಮಸ್ ಮತ್ತು ಸಮಿತಿ ಸದಸ್ಯರು.
CMYK
